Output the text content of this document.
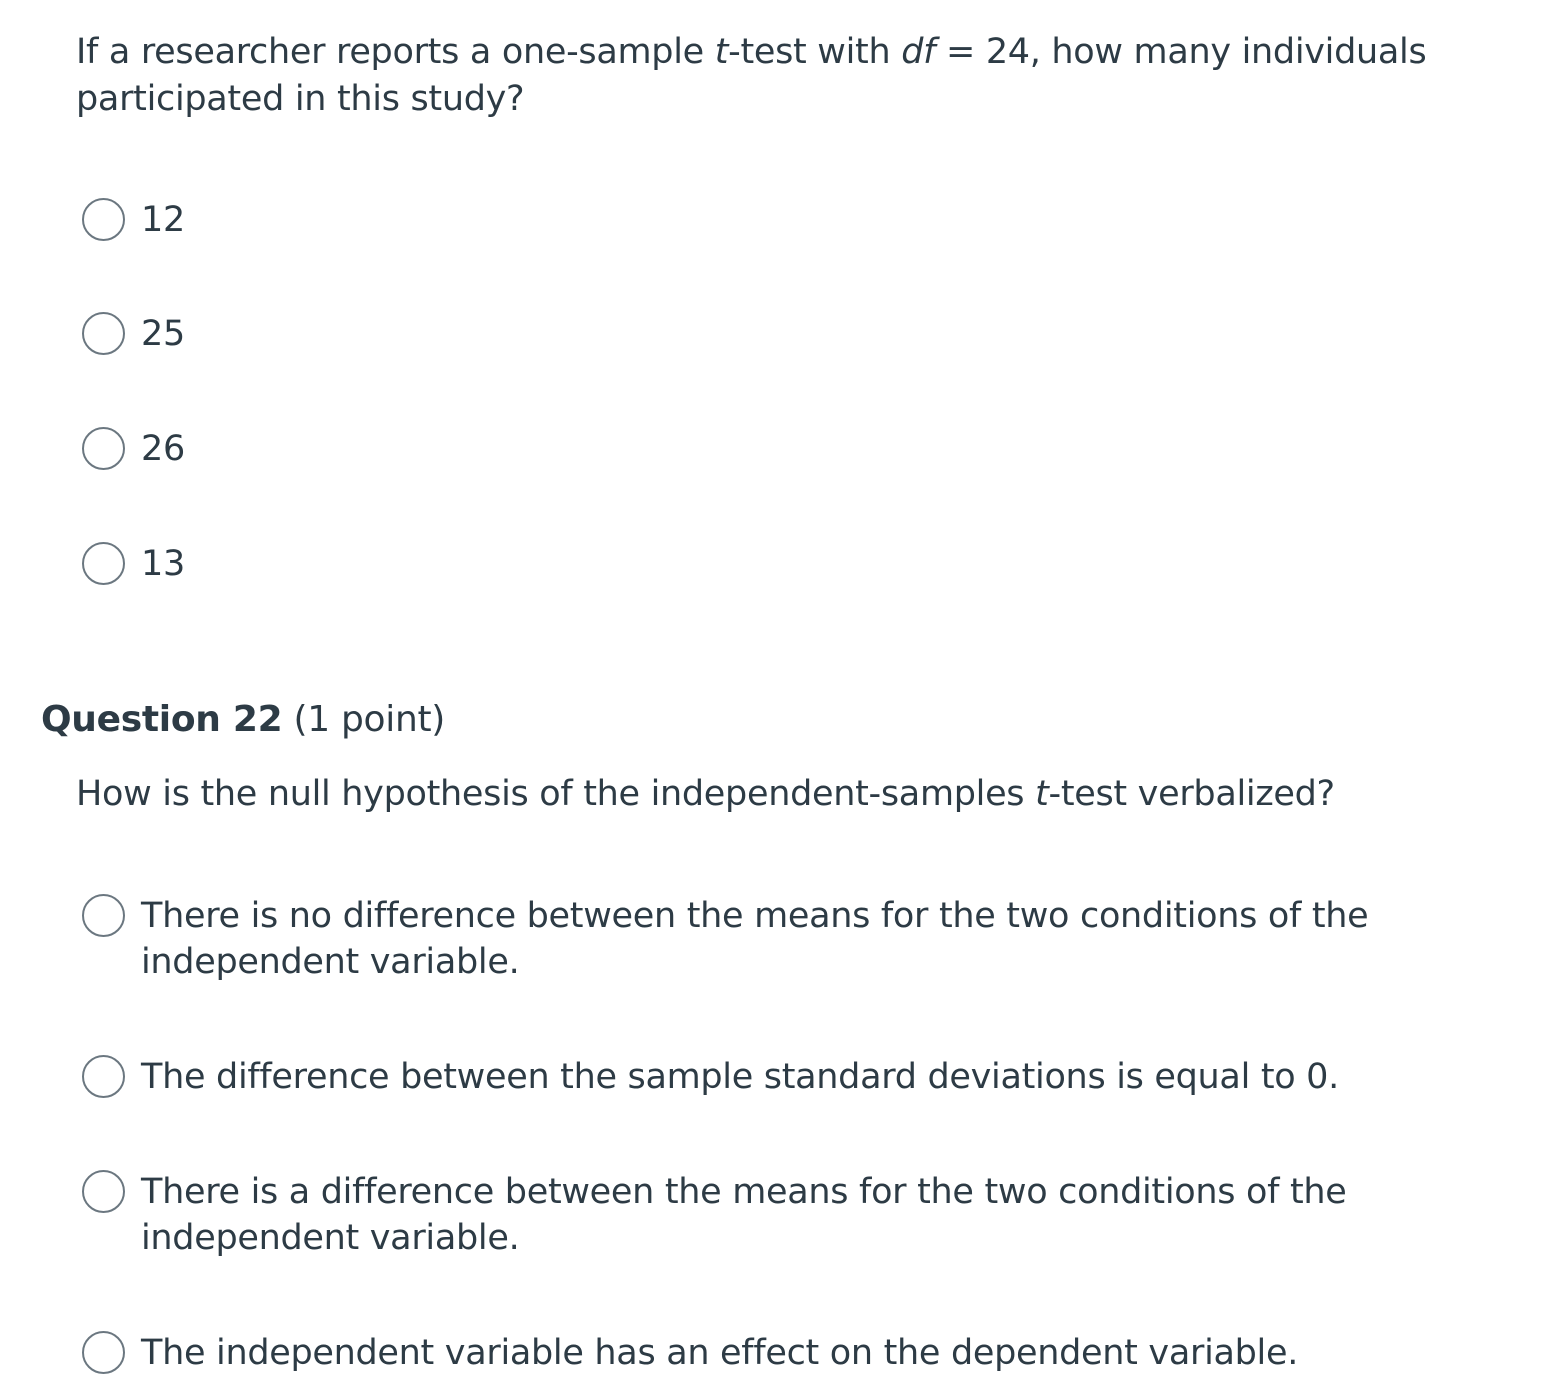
If a researcher reports a one-sample t-test with df = 24, how many individuals participated in this study?
12
25
26
13
Question 22 (1 point)
How is the null hypothesis of the independent-samples t-test verbalized?
There is no difference between the means for the two conditions of the independent variable.
The difference between the sample standard deviations is equal to 0.
There is a difference between the means for the two conditions of the independent variable.
The independent variable has an effect on the dependent variable.
